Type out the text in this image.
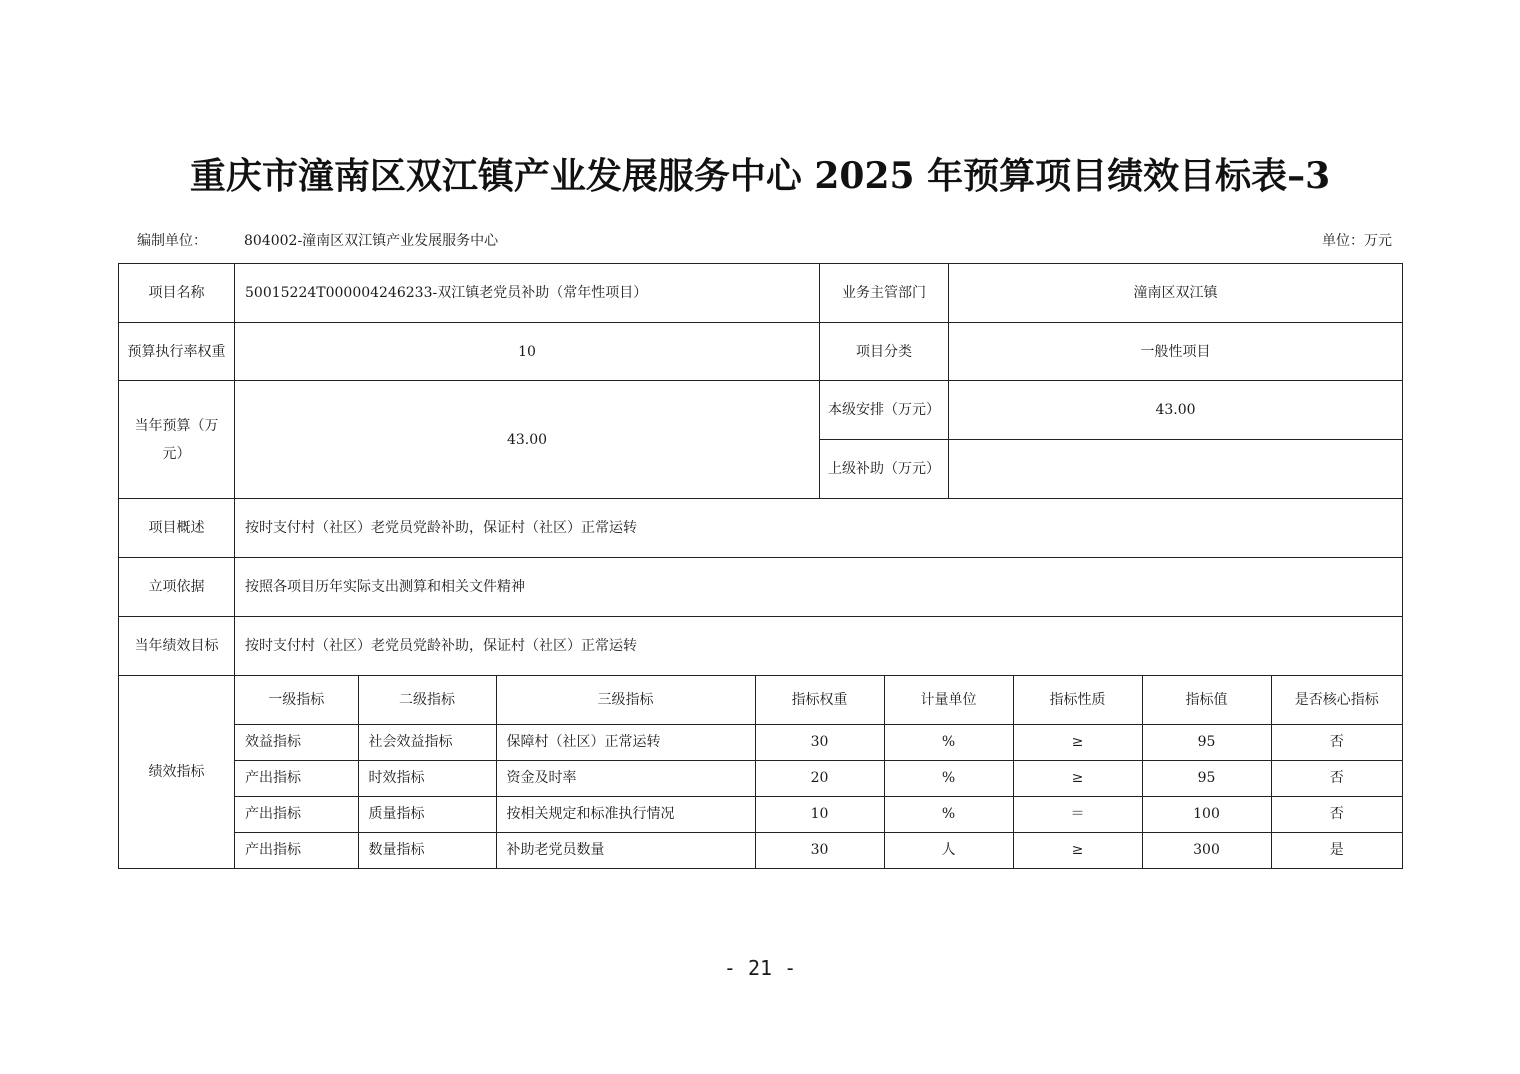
重庆市潼南区双江镇产业发展服务中心 2025 年预算项目绩效目标表–3
编制单位：	804002-潼南区双江镇产业发展服务中心	单位：万元
项目名称	50015224T000004246233-双江镇老党员补助（常年性项目）	业务主管部门	潼南区双江镇
预算执行率权重	10	项目分类	一般性项目
当年预算（万元）	43.00	本级安排（万元）	43.00
上级补助（万元）	
项目概述	按时支付村（社区）老党员党龄补助，保证村（社区）正常运转
立项依据	按照各项目历年实际支出测算和相关文件精神
当年绩效目标	按时支付村（社区）老党员党龄补助，保证村（社区）正常运转
绩效指标	
一级指标	二级指标	三级指标	指标权重	计量单位	指标性质	指标值	是否核心指标
效益指标	社会效益指标	保障村（社区）正常运转	30	%	≥	95	否
产出指标	时效指标	资金及时率	20	%	≥	95	否
产出指标	质量指标	按相关规定和标准执行情况	10	%	＝	100	否
产出指标	数量指标	补助老党员数量	30	人	≥	300	是
- 21 -
